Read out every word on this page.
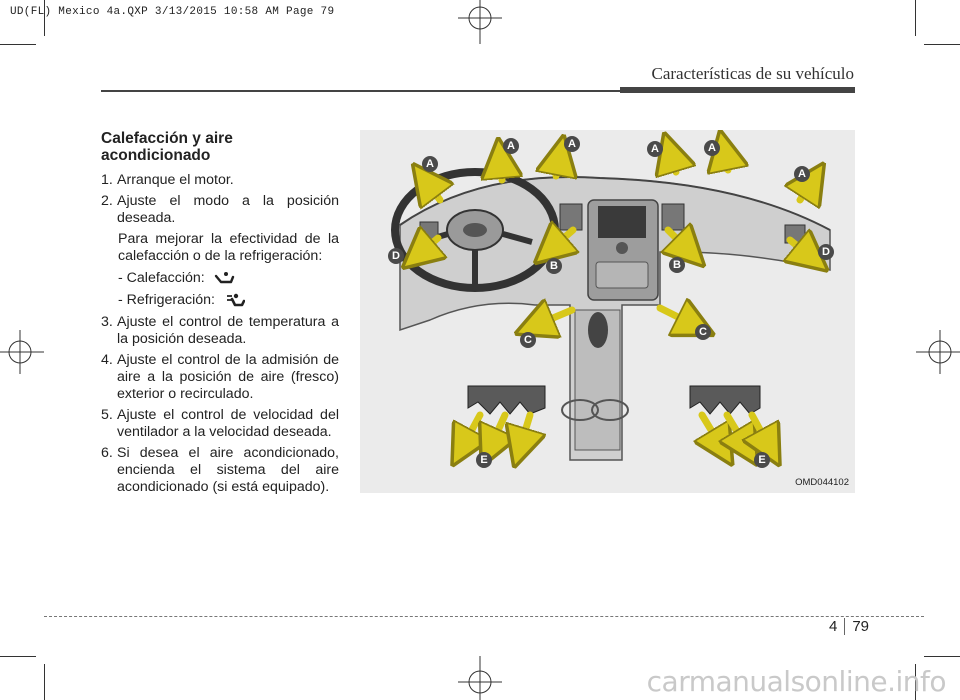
UD(FL) Mexico 4a.QXP 3/13/2015 10:58 AM Page 79
Características de su vehículo
Calefacción y aire acondicionado
1. Arranque el motor.
2. Ajuste el modo a la posición deseada.
Para mejorar la efectividad de la calefacción o de la refrigeración:
- Calefacción:
- Refrigeración:
3. Ajuste el control de temperatura a la posición deseada.
4. Ajuste el control de la admisión de aire a la posición de aire (fresco) exterior o recirculado.
5. Ajuste el control de velocidad del ventilador a la velocidad deseada.
6. Si desea el aire acondicionado, encienda el sistema del aire acondicionado (si está equipado).
A
A	A	A	A
A
D	D
B	B
C
C
E	E
OMD044102
4	79
carmanualsonline.info
